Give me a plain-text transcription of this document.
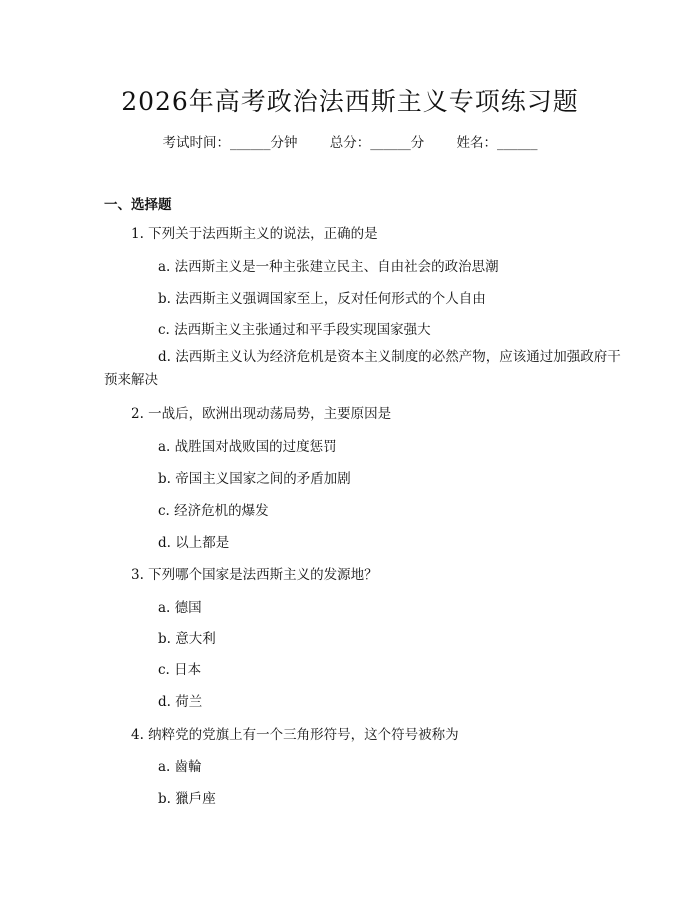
2026年高考政治法西斯主义专项练习题
考试时间：______分钟 总分：______分 姓名：______
一、选择题
1. 下列关于法西斯主义的说法，正确的是
a. 法西斯主义是一种主张建立民主、自由社会的政治思潮
b. 法西斯主义强调国家至上，反对任何形式的个人自由
c. 法西斯主义主张通过和平手段实现国家强大
d. 法西斯主义认为经济危机是资本主义制度的必然产物，应该通过加强政府干预来解决
2. 一战后，欧洲出现动荡局势，主要原因是
a. 战胜国对战败国的过度惩罚
b. 帝国主义国家之间的矛盾加剧
c. 经济危机的爆发
d. 以上都是
3. 下列哪个国家是法西斯主义的发源地？
a. 德国
b. 意大利
c. 日本
d. 荷兰
4. 纳粹党的党旗上有一个三角形符号，这个符号被称为
a. 齒輪
b. 獵戶座
